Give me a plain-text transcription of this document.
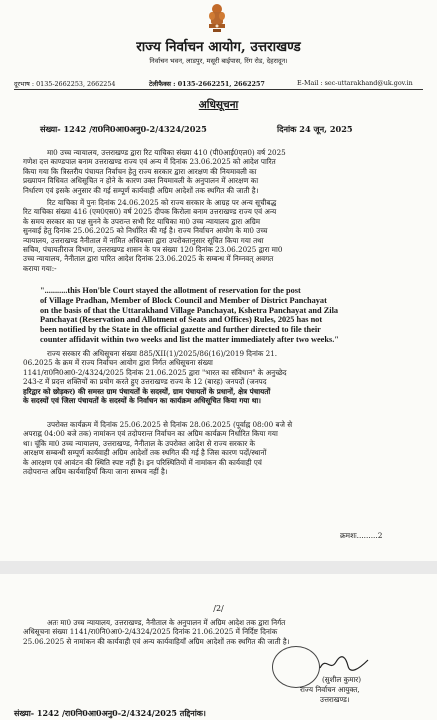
राज्य निर्वाचन आयोग, उत्तराखण्ड
निर्वाचन भवन, लाडपुर, मसूरी बाईपास, रिंग रोड, देहरादून।
दूरभाष : 0135-2662253, 2662254	टेलीफैक्स : 0135-2662251, 2662257	E-Mail : sec-uttarakhand@uk.gov.in
अधिसूचना
संख्या- 1242 /रा0नि0आ0अनु0-2/4324/2025	दिनांक 24 जून, 2025
मा0 उच्च न्यायालय, उत्तराखण्ड द्वारा रिट याचिका संख्या 410 (पी0आई0एल0) वर्ष 2025
गणेश दत्त काण्डपाल बनाम उत्तराखण्ड राज्य एवं अन्य में दिनांक 23.06.2025 को आदेश पारित
किया गया कि त्रिस्तरीय पंचायत निर्वाचन हेतु राज्य सरकार द्वारा आरक्षण की नियमावली का
प्रख्यापन विधिवत अधिसूचित न होने के कारण उक्त नियमावली के अनुपालन में आरक्षण का
निर्धारण एवं इसके अनुसार की गई सम्पूर्ण कार्यवाही अग्रिम आदेशों तक स्थगित की जाती है।
रिट याचिका में पुनः दिनांक 24.06.2025 को राज्य सरकार के आग्रह पर अन्य सूचीबद्ध
रिट याचिका संख्या 416 (एम0एस0) वर्ष 2025 दीपक किरोला बनाम उत्तराखण्ड राज्य एवं अन्य
के समय सरकार का पक्ष सुनने के उपरान्त सभी रिट याचिका मा0 उच्च न्यायालय द्वारा अग्रिम
सुनवाई हेतु दिनांक 25.06.2025 को निर्धारित की गई है। राज्य निर्वाचन आयोग के मा0 उच्च
न्यायालय, उत्तराखण्ड नैनीताल में नामित अधिवक्ता द्वारा उपरोक्तानुसार सूचित किया गया तथा
सचिव, पंचायतीराज विभाग, उत्तराखण्ड शासन के पत्र संख्या 120 दिनांक 23.06.2025 द्वारा मा0
उच्च न्यायालय, नैनीताल द्वारा पारित आदेश दिनांक 23.06.2025 के सम्बन्ध में निम्नवत् अवगत
कराया गया:-
"...........this Hon'ble Court stayed the allotment of reservation for the post
of Village Pradhan, Member of Block Council and Member of District Panchayat
on the basis of that the Uttarakhand Village Panchayat, Kshetra Panchayat and Zila
Panchayat (Reservation and Allotment of Seats and Offices) Rules, 2025 has not
been notified by the State in the official gazette and further directed to file their
counter affidavit within two weeks and list the matter immediately after two weeks."
राज्य सरकार की अधिसूचना संख्या 885/XII(1)/2025/86(16)/2019 दिनांक 21.
06.2025 के क्रम में राज्य निर्वाचन आयोग द्वारा निर्गत अधिसूचना संख्या
1141/रा0नि0आ0-2/4324/2025 दिनांक 21.06.2025 द्वारा "भारत का संविधान" के अनुच्छेद
243-ट में प्रदत्त शक्तियों का प्रयोग करते हुए उत्तराखण्ड राज्य के 12 (बारह) जनपदों (जनपद
हरिद्वार को छोड़कर) की समस्त ग्राम पंचायतों के सदस्यों, ग्राम पंचायतों के प्रधानों, क्षेत्र पंचायतों
के सदस्यों एवं जिला पंचायतों के सदस्यों के निर्वाचन का कार्यक्रम अधिसूचित किया गया था।
उपरोक्त कार्यक्रम में दिनांक 25.06.2025 से दिनांक 28.06.2025 (पूर्वाह्न 08:00 बजे से
अपराह्न 04:00 बजे तक) नामांकन एवं तदोपरान्त निर्वाचन का अग्रिम कार्यक्रम निर्धारित किया गया
था। चूंकि मा0 उच्च न्यायालय, उत्तराखण्ड, नैनीताल के उपरोक्त आदेश से राज्य सरकार के
आरक्षण सम्बन्धी सम्पूर्ण कार्यवाही अग्रिम आदेशों तक स्थगित की गई है जिस कारण पदों/स्थानों
के आरक्षण एवं आवंटन की स्थिति स्पष्ट नहीं है। इन परिस्थितियों में नामांकन की कार्यवाही एवं
तदोपरान्त अग्रिम कार्यवाहियाँ किया जाना सम्भव नहीं है।
क्रमशः.........2
/2/
अतः मा0 उच्च न्यायालय, उत्तराखण्ड, नैनीताल के अनुपालन में अग्रिम आदेश तक द्वारा निर्गत
अधिसूचना संख्या 1141/रा0नि0आ0-2/4324/2025 दिनांक 21.06.2025 में निर्दिष्ट दिनांक
25.06.2025 से नामांकन की कार्यवाही एवं अन्य कार्यवाहियाँ अग्रिम आदेशों तक स्थगित की जाती है।
(सुशील कुमार)
राज्य निर्वाचन आयुक्त,
उत्तराखण्ड।
संख्या- 1242 /रा0नि0आ0अनु0-2/4324/2025 तद्दिनांक।
